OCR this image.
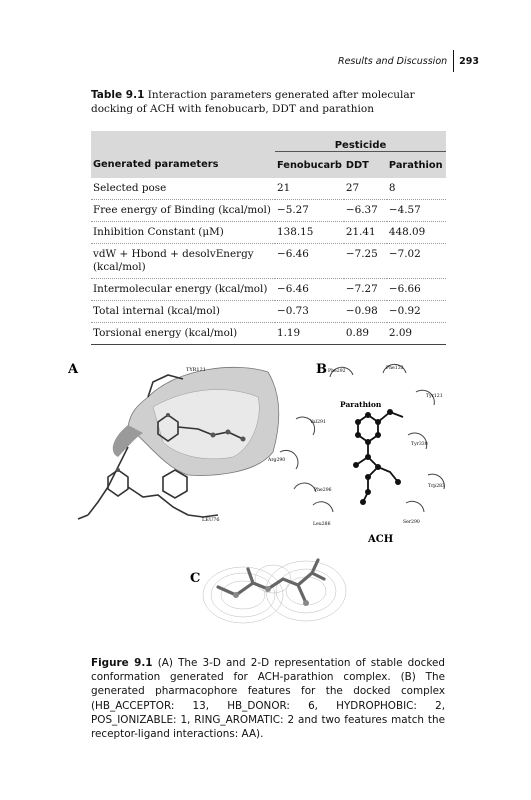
Results and Discussion	293
Table 9.1 Interaction parameters generated after molecular docking of ACH with fenobucarb, DDT and parathion
	Pesticide		
Generated parameters	Fenobucarb	DDT	Parathion
Selected pose	21	27	8
Free energy of Binding (kcal/mol)	−5.27	−6.37	−4.57
Inhibition Constant (μM)	138.15	21.41	448.09
vdW + Hbond + desolvEnergy (kcal/mol)	−6.46	−7.25	−7.02
Intermolecular energy (kcal/mol)	−6.46	−7.27	−6.66
Total internal (kcal/mol)	−0.73	−0.98	−0.92
Torsional energy (kcal/mol)	1.19	0.89	2.09
A	TYR121
LEU76
B
Parathion
ACH
Phe292
Phe133
Tyr121
Val291
Tyr330
Arg290
Phe296
Trp283
Leu286	Ser290
C
Figure 9.1 (A) The 3-D and 2-D representation of stable docked conformation generated for ACH-parathion complex. (B) The generated pharmacophore features for the docked complex (HB_ACCEPTOR: 13, HB_DONOR: 6, HYDROPHOBIC: 2, POS_IONIZABLE: 1, RING_AROMATIC: 2 and two features match the receptor-ligand interactions: AA).
